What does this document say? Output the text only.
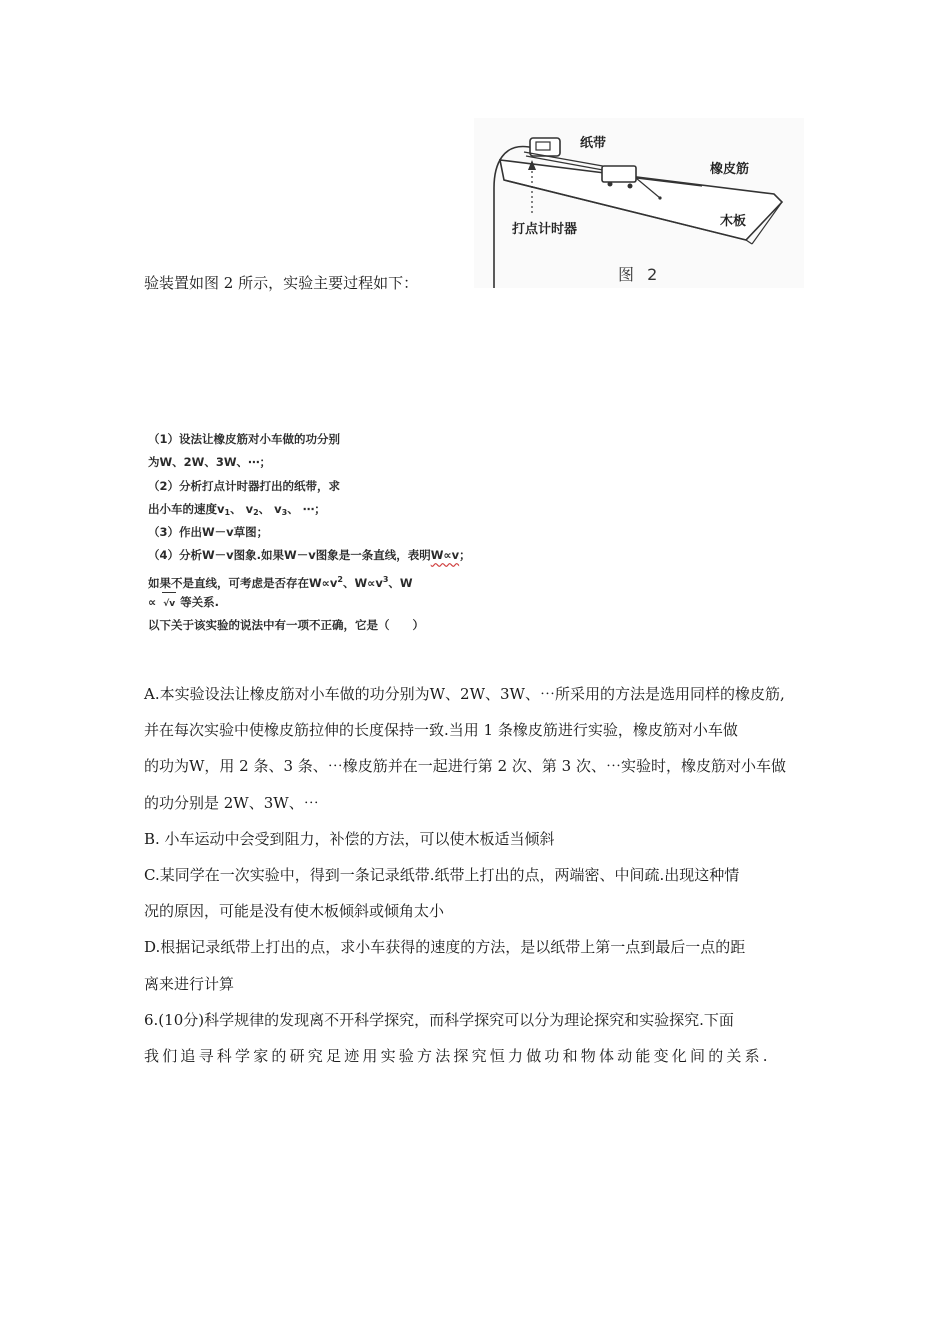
纸带
橡皮筋
木板
打点计时器
图 2
验装置如图 2 所示，实验主要过程如下：
（1）设法让橡皮筋对小车做的功分别
为W、2W、3W、⋯；
（2）分析打点计时器打出的纸带，求
出小车的速度$v_1$、 $v_2$、 $v_3$、 ⋯；
（3）作出W－v草图；
（4）分析W－v图象.如果W－v图象是一条直线，表明W∝v；
如果不是直线，可考虑是否存在$W\propto v^2$、$W\propto v^3$、W
∝ √v 等关系.
以下关于该实验的说法中有一项不正确，它是（　　）
A.本实验设法让橡皮筋对小车做的功分别为W、2W、3W、⋯所采用的方法是选用同样的橡皮筋,
并在每次实验中使橡皮筋拉伸的长度保持一致.当用 1 条橡皮筋进行实验，橡皮筋对小车做
的功为W，用 2 条、3 条、⋯橡皮筋并在一起进行第 2 次、第 3 次、⋯实验时，橡皮筋对小车做
的功分别是 2W、3W、⋯
B. 小车运动中会受到阻力，补偿的方法，可以使木板适当倾斜
C.某同学在一次实验中，得到一条记录纸带.纸带上打出的点，两端密、中间疏.出现这种情
况的原因，可能是没有使木板倾斜或倾角太小
D.根据记录纸带上打出的点，求小车获得的速度的方法，是以纸带上第一点到最后一点的距
离来进行计算
6.(10分)科学规律的发现离不开科学探究，而科学探究可以分为理论探究和实验探究.下面
我们追寻科学家的研究足迹用实验方法探究恒力做功和物体动能变化间的关系.
